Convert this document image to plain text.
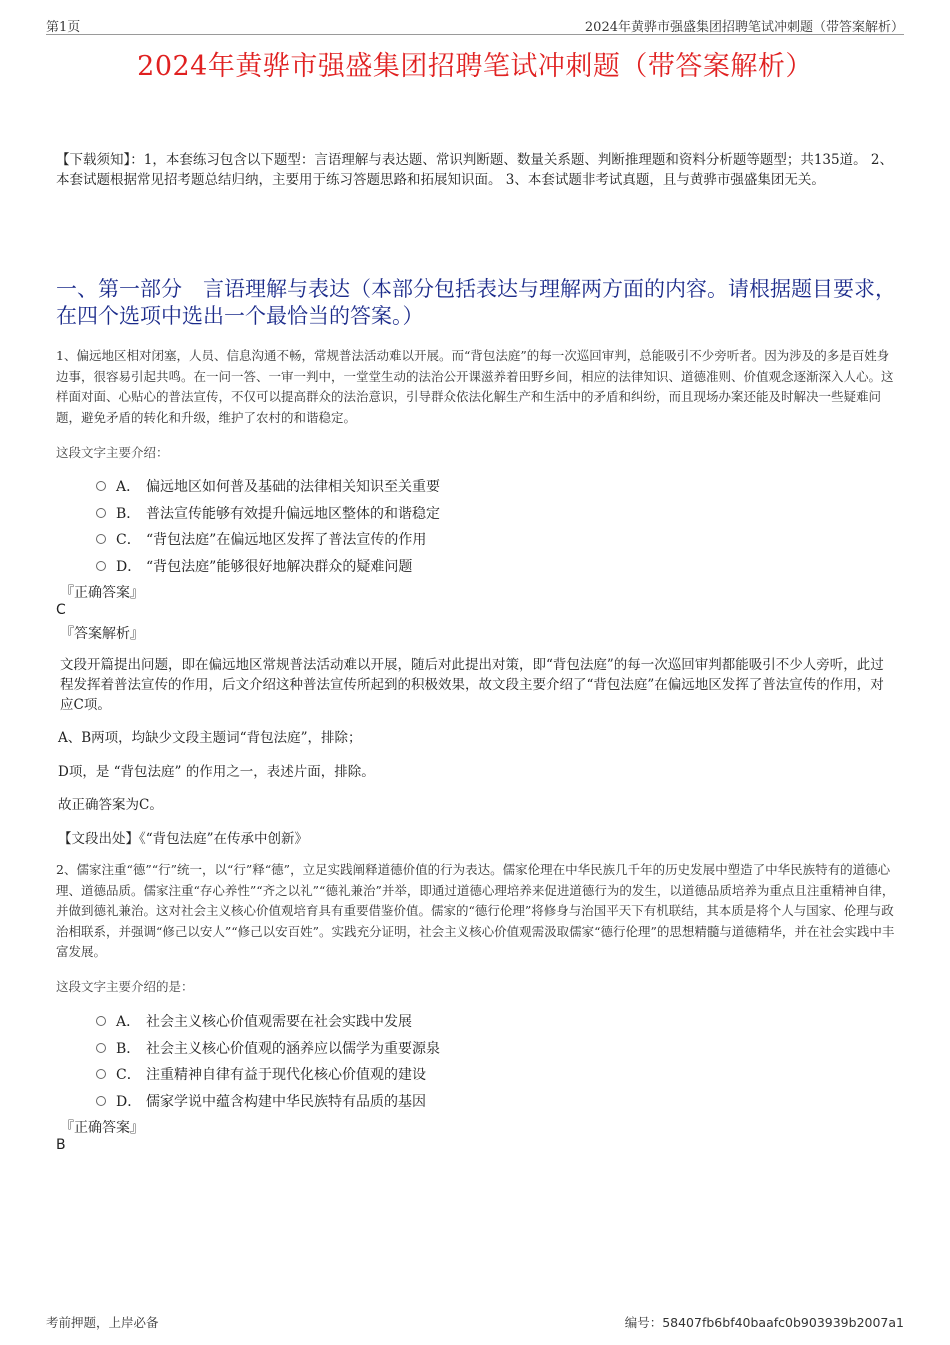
第1页	2024年黄骅市强盛集团招聘笔试冲刺题（带答案解析）
2024年黄骅市强盛集团招聘笔试冲刺题（带答案解析）
【下载须知】：1，本套练习包含以下题型：言语理解与表达题、常识判断题、数量关系题、判断推理题和资料分析题等题型；共135道。 2、本套试题根据常见招考题总结归纳，主要用于练习答题思路和拓展知识面。 3、本套试题非考试真题，且与黄骅市强盛集团无关。
一、第一部分　言语理解与表达（本部分包括表达与理解两方面的内容。请根据题目要求，在四个选项中选出一个最恰当的答案。）
1、偏远地区相对闭塞，人员、信息沟通不畅，常规普法活动难以开展。而“背包法庭”的每一次巡回审判，总能吸引不少旁听者。因为涉及的多是百姓身边事，很容易引起共鸣。在一问一答、一审一判中，一堂堂生动的法治公开课滋养着田野乡间，相应的法律知识、道德准则、价值观念逐渐深入人心。这样面对面、心贴心的普法宣传，不仅可以提高群众的法治意识，引导群众依法化解生产和生活中的矛盾和纠纷，而且现场办案还能及时解决一些疑难问题，避免矛盾的转化和升级，维护了农村的和谐稳定。
这段文字主要介绍：
A． 偏远地区如何普及基础的法律相关知识至关重要
B． 普法宣传能够有效提升偏远地区整体的和谐稳定
C． “背包法庭”在偏远地区发挥了普法宣传的作用
D． “背包法庭”能够很好地解决群众的疑难问题
『正确答案』
C
『答案解析』
文段开篇提出问题，即在偏远地区常规普法活动难以开展，随后对此提出对策，即“背包法庭”的每一次巡回审判都能吸引不少人旁听，此过程发挥着普法宣传的作用，后文介绍这种普法宣传所起到的积极效果，故文段主要介绍了“背包法庭”在偏远地区发挥了普法宣传的作用，对应C项。
A、B两项，均缺少文段主题词“背包法庭”，排除；
D项，是 “背包法庭” 的作用之一，表述片面，排除。
故正确答案为C。
【文段出处】《“背包法庭”在传承中创新》
2、儒家注重“德”“行”统一，以“行”释“德”，立足实践阐释道德价值的行为表达。儒家伦理在中华民族几千年的历史发展中塑造了中华民族特有的道德心理、道德品质。儒家注重“存心养性”“齐之以礼”“德礼兼治”并举，即通过道德心理培养来促进道德行为的发生，以道德品质培养为重点且注重精神自律，并做到德礼兼治。这对社会主义核心价值观培育具有重要借鉴价值。儒家的“德行伦理”将修身与治国平天下有机联结，其本质是将个人与国家、伦理与政治相联系，并强调“修己以安人”“修己以安百姓”。实践充分证明，社会主义核心价值观需汲取儒家“德行伦理”的思想精髓与道德精华，并在社会实践中丰富发展。
这段文字主要介绍的是：
A． 社会主义核心价值观需要在社会实践中发展
B． 社会主义核心价值观的涵养应以儒学为重要源泉
C． 注重精神自律有益于现代化核心价值观的建设
D． 儒家学说中蕴含构建中华民族特有品质的基因
『正确答案』
B
考前押题，上岸必备	编号：58407fb6bf40baafc0b903939b2007a1
